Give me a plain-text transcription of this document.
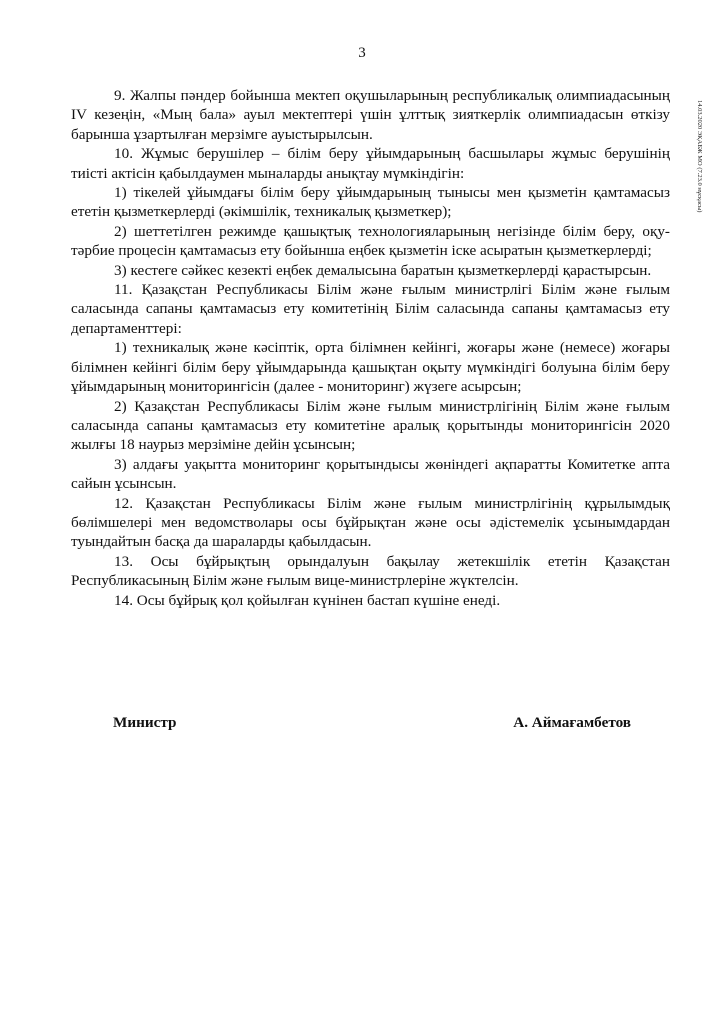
3
14.03.2020 ЭҚАБЖ МО (7.23.0 нұсқасы)

9. Жалпы пәндер бойынша мектеп оқушыларының республикалық олимпиадасының IV кезеңін, «Мың бала» ауыл мектептері үшін ұлттық зияткерлік олимпиадасын өткізу барынша ұзартылған мерзімге ауыстырылсын.

10. Жұмыс берушілер – білім беру ұйымдарының басшылары жұмыс берушінің тиісті актісін қабылдаумен мыналарды анықтау мүмкіндігін:

1) тікелей ұйымдағы білім беру ұйымдарының тынысы мен қызметін қамтамасыз ететін қызметкерлерді (әкімшілік, техникалық қызметкер);

2) шеттетілген режимде қашықтық технологияларының негізінде білім беру, оқу-тәрбие процесін қамтамасыз ету бойынша еңбек қызметін іске асыратын қызметкерлерді;

3) кестеге сәйкес кезекті еңбек демалысына баратын қызметкерлерді қарастырсын.

11. Қазақстан Республикасы Білім және ғылым министрлігі Білім және ғылым саласында сапаны қамтамасыз ету комитетінің Білім саласында сапаны қамтамасыз ету департаменттері:

1) техникалық және кәсіптік, орта білімнен кейінгі, жоғары және (немесе) жоғары білімнен кейінгі білім беру ұйымдарында қашықтан оқыту мүмкіндігі болуына білім беру ұйымдарының мониторингісін (далее - мониторинг) жүзеге асырсын;

2) Қазақстан Республикасы Білім және ғылым министрлігінің Білім және ғылым саласында сапаны қамтамасыз ету комитетіне аралық қорытынды мониторингісін 2020 жылғы 18 наурыз мерзіміне дейін ұсынсын;

3) алдағы уақытта мониторинг қорытындысы жөніндегі ақпаратты Комитетке апта сайын ұсынсын.

12. Қазақстан Республикасы Білім және ғылым министрлігінің құрылымдық бөлімшелері мен ведомстволары осы бұйрықтан және осы әдістемелік ұсынымдардан туындайтын басқа да шараларды қабылдасын.

13. Осы бұйрықтың орындалуын бақылау жетекшілік ететін Қазақстан Республикасының Білім және ғылым вице-министрлеріне жүктелсін.

14. Осы бұйрық қол қойылған күнінен бастап күшіне енеді.

Министр	А. Аймағамбетов
